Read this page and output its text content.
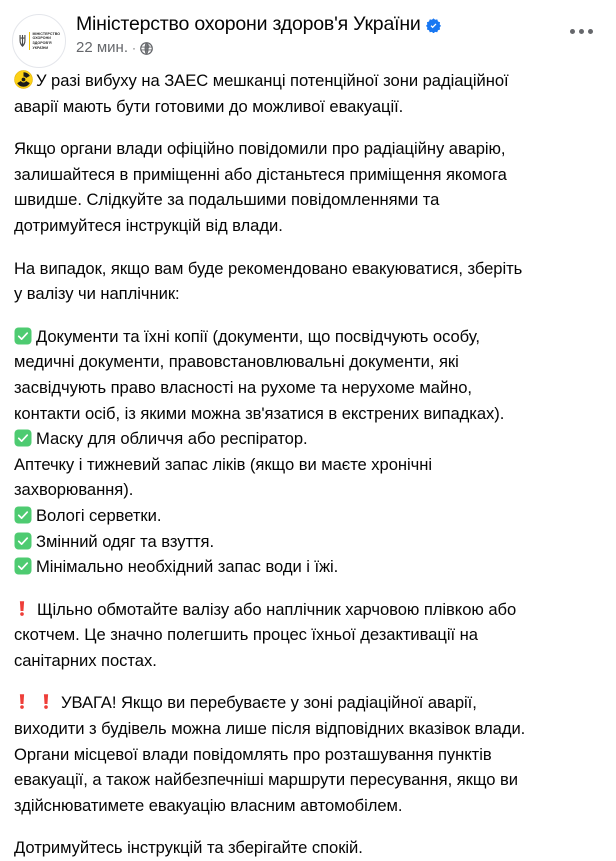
МІНІСТЕРСТВО
ОХОРОНИ
ЗДОРОВ'Я
УКРАЇНИ
Міністерство охорони здоров'я України
22 мин. ·
У разі вибуху на ЗАЕС мешканці потенційної зони радіаційної
аварії мають бути готовими до можливої евакуації.
Якщо органи влади офіційно повідомили про радіаційну аварію,
залишайтеся в приміщенні або дістаньтеся приміщення якомога
швидше. Слідкуйте за подальшими повідомленнями та
дотримуйтеся інструкцій від влади.
На випадок, якщо вам буде рекомендовано евакуюватися, зберіть
у валізу чи наплічник:
Документи та їхні копії (документи, що посвідчують особу,
медичні документи, правовстановлювальні документи, які
засвідчують право власності на рухоме та нерухоме майно,
контакти осіб, із якими можна зв'язатися в екстрених випадках).
Маску для обличчя або респіратор.
Аптечку і тижневий запас ліків (якщо ви маєте хронічні
захворювання).
Вологі серветки.
Змінний одяг та взуття.
Мінімально необхідний запас води і їжі.
Щільно обмотайте валізу або наплічник харчовою плівкою або
скотчем. Це значно полегшить процес їхньої дезактивації на
санітарних постах.
УВАГА! Якщо ви перебуваєте у зоні радіаційної аварії,
виходити з будівель можна лише після відповідних вказівок влади.
Органи місцевої влади повідомлять про розташування пунктів
евакуації, а також найбезпечніші маршрути пересування, якщо ви
здійснюватимете евакуацію власним автомобілем.
Дотримуйтесь інструкцій та зберігайте спокій.
